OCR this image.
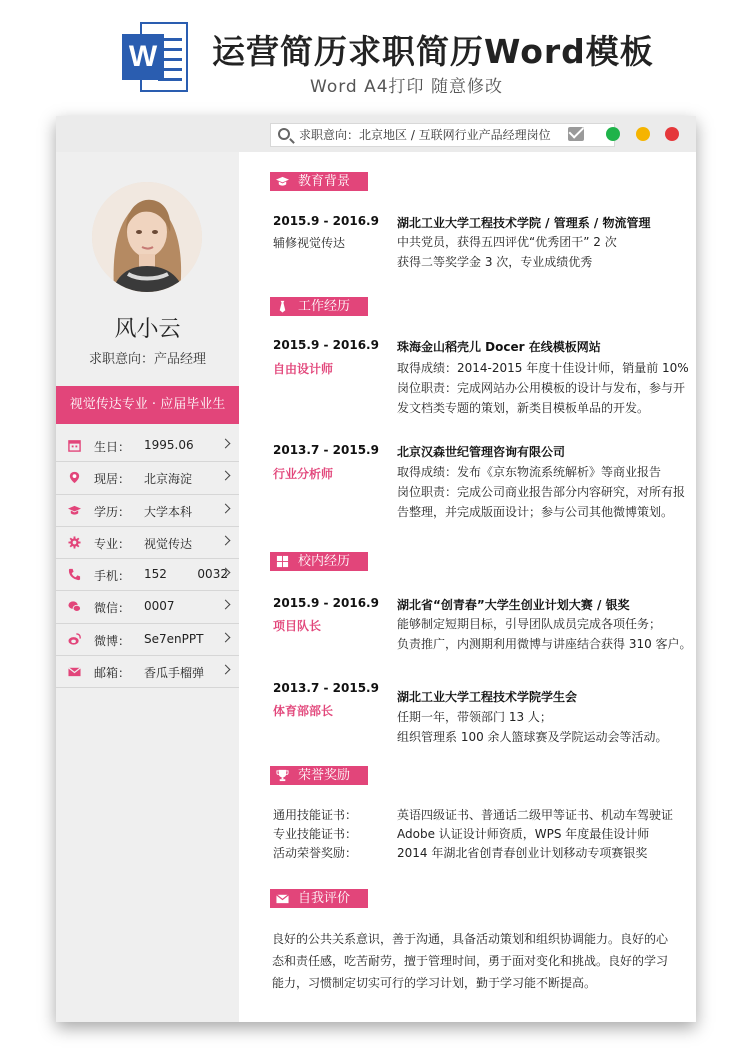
W 运营简历求职简历Word模板
Word A4打印 随意修改
求职意向：北京地区 / 互联网行业产品经理岗位
风小云
求职意向：产品经理
视觉传达专业 · 应届毕业生
生日： 1995.06
现居： 北京海淀
学历： 大学本科
专业： 视觉传达
手机： 152        0032
微信： 0007
微博： Se7enPPT
邮箱： 香瓜手榴弹
教育背景
2015.9 - 2016.9
辅修视觉传达
湖北工业大学工程技术学院 / 管理系 / 物流管理
中共党员，获得五四评优“优秀团干” 2 次
获得二等奖学金 3 次，专业成绩优秀
工作经历
2015.9 - 2016.9
自由设计师
珠海金山稻壳儿 Docer 在线模板网站
取得成绩：2014-2015 年度十佳设计师，销量前 10%
岗位职责：完成网站办公用模板的设计与发布，参与开
发文档类专题的策划，新类目模板单品的开发。
2013.7 - 2015.9
行业分析师
北京汉森世纪管理咨询有限公司
取得成绩：发布《京东物流系统解析》等商业报告
岗位职责：完成公司商业报告部分内容研究，对所有报
告整理，并完成版面设计；参与公司其他微博策划。
校内经历
2015.9 - 2016.9
项目队长
湖北省“创青春”大学生创业计划大赛 / 银奖
能够制定短期目标，引导团队成员完成各项任务；
负责推广，内测期利用微博与讲座结合获得 310 客户。
2013.7 - 2015.9
体育部部长
湖北工业大学工程技术学院学生会
任期一年，带领部门 13 人；
组织管理系 100 余人篮球赛及学院运动会等活动。
荣誉奖励
通用技能证书：	英语四级证书、普通话二级甲等证书、机动车驾驶证
专业技能证书：	Adobe 认证设计师资质，WPS 年度最佳设计师
活动荣誉奖励：	2014 年湖北省创青春创业计划移动专项赛银奖
自我评价
良好的公共关系意识，善于沟通，具备活动策划和组织协调能力。良好的心态和责任感，吃苦耐劳，擅于管理时间，勇于面对变化和挑战。良好的学习能力，习惯制定切实可行的学习计划，勤于学习能不断提高。
